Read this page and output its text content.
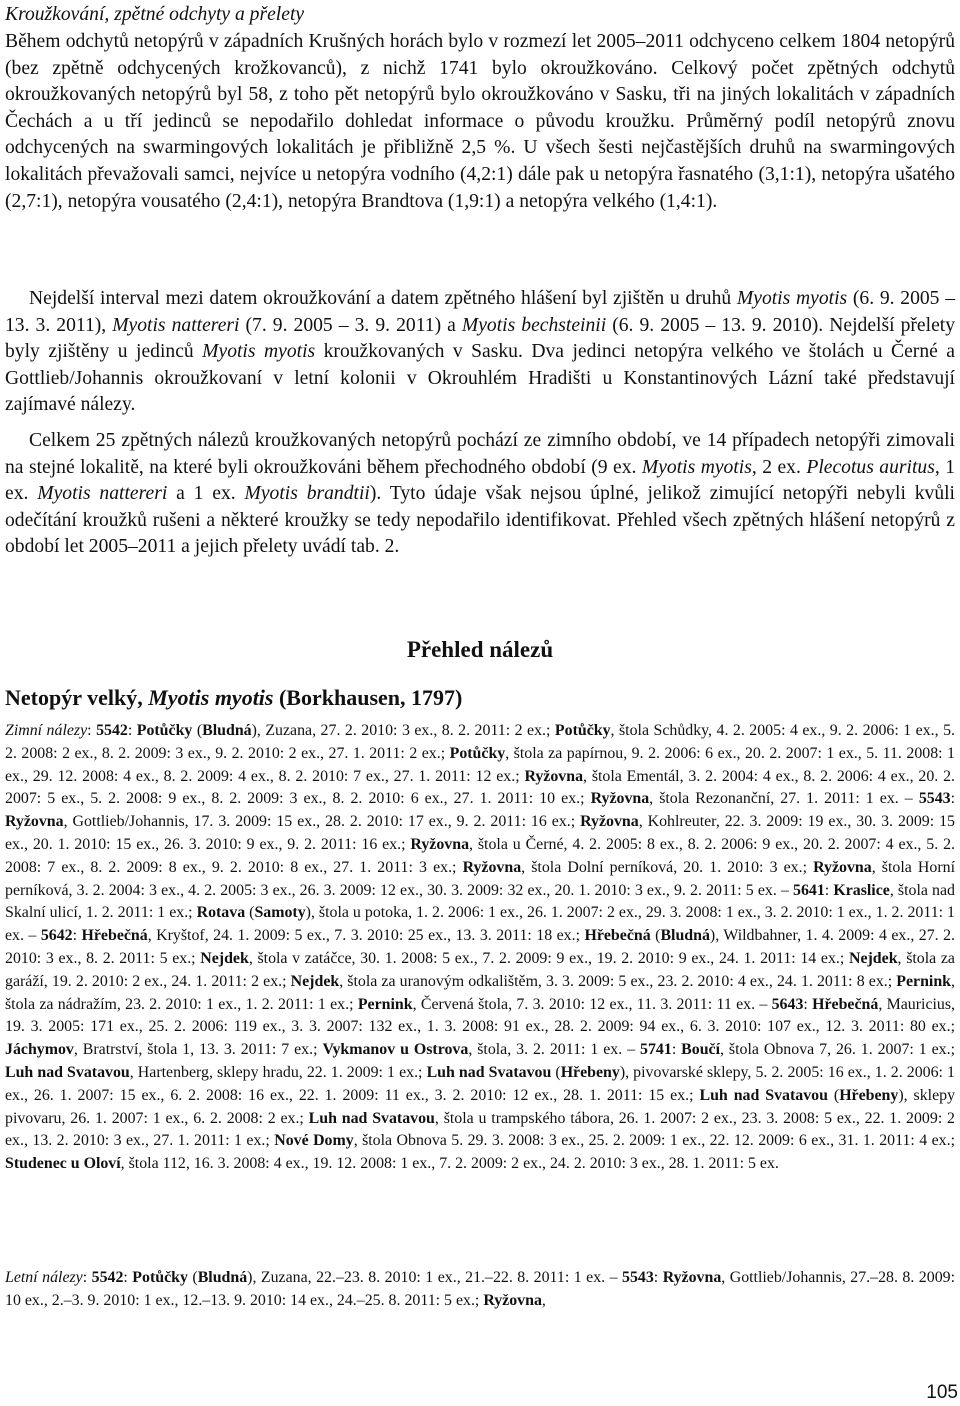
Kroužkování, zpětné odchyty a přelety
Během odchytů netopýrů v západních Krušných horách bylo v rozmezí let 2005–2011 odchyceno celkem 1804 netopýrů (bez zpětně odchycených krožkovanců), z nichž 1741 bylo okroužkováno. Celkový počet zpětných odchytů okroužkovaných netopýrů byl 58, z toho pět netopýrů bylo okroužkováno v Sasku, tři na jiných lokalitách v západních Čechách a u tří jedinců se nepodařilo dohledat informace o původu kroužku. Průměrný podíl netopýrů znovu odchycených na swarmingových lokalitách je přibližně 2,5 %. U všech šesti nejčastějších druhů na swarmingových lokalitách převažovali samci, nejvíce u netopýra vodního (4,2:1) dále pak u netopýra řasnatého (3,1:1), netopýra ušatého (2,7:1), netopýra vousatého (2,4:1), netopýra Brandtova (1,9:1) a netopýra velkého (1,4:1).
Nejdelší interval mezi datem okroužkování a datem zpětného hlášení byl zjištěn u druhů Myotis myotis (6. 9. 2005 – 13. 3. 2011), Myotis nattereri (7. 9. 2005 – 3. 9. 2011) a Myotis bechsteinii (6. 9. 2005 – 13. 9. 2010). Nejdelší přelety byly zjištěny u jedinců Myotis myotis kroužkovaných v Sasku. Dva jedinci netopýra velkého ve štolách u Černé a Gottlieb/Johannis okroužkovaní v letní kolonii v Okrouhlém Hradišti u Konstantinových Lázní také představují zajímavé nálezy.
Celkem 25 zpětných nálezů kroužkovaných netopýrů pochází ze zimního období, ve 14 případech netopýři zimovali na stejné lokalitě, na které byli okroužkováni během přechodného období (9 ex. Myotis myotis, 2 ex. Plecotus auritus, 1 ex. Myotis nattereri a 1 ex. Myotis brandtii). Tyto údaje však nejsou úplné, jelikož zimující netopýři nebyli kvůli odečítání kroužků rušeni a některé kroužky se tedy nepodařilo identifikovat. Přehled všech zpětných hlášení netopýrů z období let 2005–2011 a jejich přelety uvádí tab. 2.
Přehled nálezů
Netopýr velký, Myotis myotis (Borkhausen, 1797)
Zimní nálezy: 5542: Potůčky (Bludná), Zuzana, 27. 2. 2010: 3 ex., 8. 2. 2011: 2 ex.; Potůčky, štola Schůdky, 4. 2. 2005: 4 ex., 9. 2. 2006: 1 ex., 5. 2. 2008: 2 ex., 8. 2. 2009: 3 ex., 9. 2. 2010: 2 ex., 27. 1. 2011: 2 ex.; Potůčky, štola za papírnou, 9. 2. 2006: 6 ex., 20. 2. 2007: 1 ex., 5. 11. 2008: 1 ex., 29. 12. 2008: 4 ex., 8. 2. 2009: 4 ex., 8. 2. 2010: 7 ex., 27. 1. 2011: 12 ex.; Ryžovna, štola Ementál, 3. 2. 2004: 4 ex., 8. 2. 2006: 4 ex., 20. 2. 2007: 5 ex., 5. 2. 2008: 9 ex., 8. 2. 2009: 3 ex., 8. 2. 2010: 6 ex., 27. 1. 2011: 10 ex.; Ryžovna, štola Rezonanční, 27. 1. 2011: 1 ex. – 5543: Ryžovna, Gottlieb/Johannis, 17. 3. 2009: 15 ex., 28. 2. 2010: 17 ex., 9. 2. 2011: 16 ex.; Ryžovna, Kohlreuter, 22. 3. 2009: 19 ex., 30. 3. 2009: 15 ex., 20. 1. 2010: 15 ex., 26. 3. 2010: 9 ex., 9. 2. 2011: 16 ex.; Ryžovna, štola u Černé, 4. 2. 2005: 8 ex., 8. 2. 2006: 9 ex., 20. 2. 2007: 4 ex., 5. 2. 2008: 7 ex., 8. 2. 2009: 8 ex., 9. 2. 2010: 8 ex., 27. 1. 2011: 3 ex.; Ryžovna, štola Dolní perníková, 20. 1. 2010: 3 ex.; Ryžovna, štola Horní perníková, 3. 2. 2004: 3 ex., 4. 2. 2005: 3 ex., 26. 3. 2009: 12 ex., 30. 3. 2009: 32 ex., 20. 1. 2010: 3 ex., 9. 2. 2011: 5 ex. – 5641: Kraslice, štola nad Skalní ulicí, 1. 2. 2011: 1 ex.; Rotava (Samoty), štola u potoka, 1. 2. 2006: 1 ex., 26. 1. 2007: 2 ex., 29. 3. 2008: 1 ex., 3. 2. 2010: 1 ex., 1. 2. 2011: 1 ex. – 5642: Hřebečná, Kryštof, 24. 1. 2009: 5 ex., 7. 3. 2010: 25 ex., 13. 3. 2011: 18 ex.; Hřebečná (Bludná), Wildbahner, 1. 4. 2009: 4 ex., 27. 2. 2010: 3 ex., 8. 2. 2011: 5 ex.; Nejdek, štola v zatáčce, 30. 1. 2008: 5 ex., 7. 2. 2009: 9 ex., 19. 2. 2010: 9 ex., 24. 1. 2011: 14 ex.; Nejdek, štola za garáží, 19. 2. 2010: 2 ex., 24. 1. 2011: 2 ex.; Nejdek, štola za uranovým odkalištěm, 3. 3. 2009: 5 ex., 23. 2. 2010: 4 ex., 24. 1. 2011: 8 ex.; Pernink, štola za nádražím, 23. 2. 2010: 1 ex., 1. 2. 2011: 1 ex.; Pernink, Červená štola, 7. 3. 2010: 12 ex., 11. 3. 2011: 11 ex. – 5643: Hřebečná, Mauricius, 19. 3. 2005: 171 ex., 25. 2. 2006: 119 ex., 3. 3. 2007: 132 ex., 1. 3. 2008: 91 ex., 28. 2. 2009: 94 ex., 6. 3. 2010: 107 ex., 12. 3. 2011: 80 ex.; Jáchymov, Bratrství, štola 1, 13. 3. 2011: 7 ex.; Vykmanov u Ostrova, štola, 3. 2. 2011: 1 ex. – 5741: Boučí, štola Obnova 7, 26. 1. 2007: 1 ex.; Luh nad Svatavou, Hartenberg, sklepy hradu, 22. 1. 2009: 1 ex.; Luh nad Svatavou (Hřebeny), pivovarské sklepy, 5. 2. 2005: 16 ex., 1. 2. 2006: 1 ex., 26. 1. 2007: 15 ex., 6. 2. 2008: 16 ex., 22. 1. 2009: 11 ex., 3. 2. 2010: 12 ex., 28. 1. 2011: 15 ex.; Luh nad Svatavou (Hřebeny), sklepy pivovaru, 26. 1. 2007: 1 ex., 6. 2. 2008: 2 ex.; Luh nad Svatavou, štola u trampského tábora, 26. 1. 2007: 2 ex., 23. 3. 2008: 5 ex., 22. 1. 2009: 2 ex., 13. 2. 2010: 3 ex., 27. 1. 2011: 1 ex.; Nové Domy, štola Obnova 5. 29. 3. 2008: 3 ex., 25. 2. 2009: 1 ex., 22. 12. 2009: 6 ex., 31. 1. 2011: 4 ex.; Studenec u Oloví, štola 112, 16. 3. 2008: 4 ex., 19. 12. 2008: 1 ex., 7. 2. 2009: 2 ex., 24. 2. 2010: 3 ex., 28. 1. 2011: 5 ex.
Letní nálezy: 5542: Potůčky (Bludná), Zuzana, 22.–23. 8. 2010: 1 ex., 21.–22. 8. 2011: 1 ex. – 5543: Ryžovna, Gottlieb/Johannis, 27.–28. 8. 2009: 10 ex., 2.–3. 9. 2010: 1 ex., 12.–13. 9. 2010: 14 ex., 24.–25. 8. 2011: 5 ex.; Ryžovna,
105
